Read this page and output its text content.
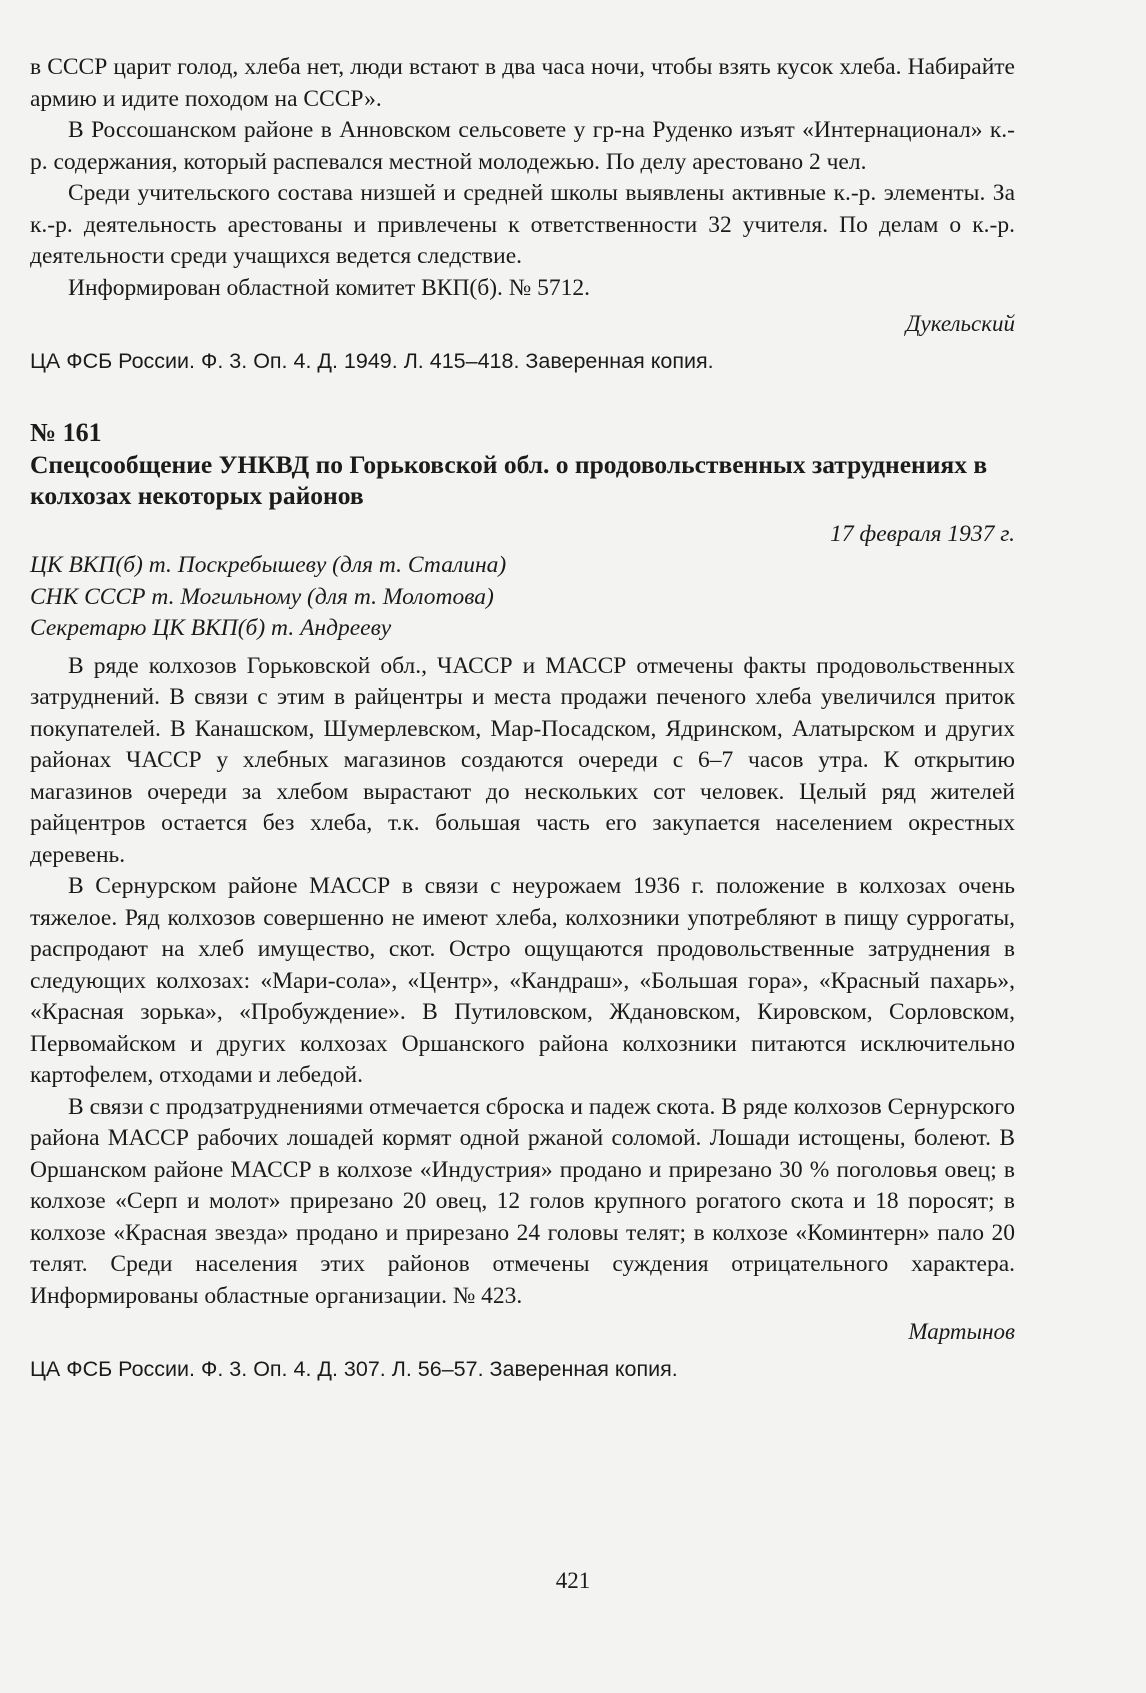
в СССР царит голод, хлеба нет, люди встают в два часа ночи, чтобы взять кусок хлеба. Набирайте армию и идите походом на СССР».

В Россошанском районе в Анновском сельсовете у гр-на Руденко изъят «Интернационал» к.-р. содержания, который распевался местной молодежью. По делу арестовано 2 чел.

Среди учительского состава низшей и средней школы выявлены активные к.-р. элементы. За к.-р. деятельность арестованы и привлечены к ответственности 32 учителя. По делам о к.-р. деятельности среди учащихся ведется следствие.

Информирован областной комитет ВКП(б). № 5712.

Дукельский
ЦА ФСБ России. Ф. 3. Оп. 4. Д. 1949. Л. 415–418. Заверенная копия.
№ 161
Спецсообщение УНКВД по Горьковской обл. о продовольственных затруднениях в колхозах некоторых районов
17 февраля 1937 г.
ЦК ВКП(б) т. Поскребышеву (для т. Сталина)
СНК СССР т. Могильному (для т. Молотова)
Секретарю ЦК ВКП(б) т. Андрееву

В ряде колхозов Горьковской обл., ЧАССР и МАССР отмечены факты продовольственных затруднений. В связи с этим в райцентры и места продажи печеного хлеба увеличился приток покупателей. В Канашском, Шумерлевском, Мар-Посадском, Ядринском, Алатырском и других районах ЧАССР у хлебных магазинов создаются очереди с 6–7 часов утра. К открытию магазинов очереди за хлебом вырастают до нескольких сот человек. Целый ряд жителей райцентров остается без хлеба, т.к. большая часть его закупается населением окрестных деревень.

В Сернурском районе МАССР в связи с неурожаем 1936 г. положение в колхозах очень тяжелое. Ряд колхозов совершенно не имеют хлеба, колхозники употребляют в пищу суррогаты, распродают на хлеб имущество, скот. Остро ощущаются продовольственные затруднения в следующих колхозах: «Мари-сола», «Центр», «Кандраш», «Большая гора», «Красный пахарь», «Красная зорька», «Пробуждение». В Путиловском, Ждановском, Кировском, Сорловском, Первомайском и других колхозах Оршанского района колхозники питаются исключительно картофелем, отходами и лебедой.

В связи с продзатруднениями отмечается сброска и падеж скота. В ряде колхозов Сернурского района МАССР рабочих лошадей кормят одной ржаной соломой. Лошади истощены, болеют. В Оршанском районе МАССР в колхозе «Индустрия» продано и прирезано 30 % поголовья овец; в колхозе «Серп и молот» прирезано 20 овец, 12 голов крупного рогатого скота и 18 поросят; в колхозе «Красная звезда» продано и прирезано 24 головы телят; в колхозе «Коминтерн» пало 20 телят. Среди населения этих районов отмечены суждения отрицательного характера. Информированы областные организации. № 423.

Мартынов
ЦА ФСБ России. Ф. 3. Оп. 4. Д. 307. Л. 56–57. Заверенная копия.
421
